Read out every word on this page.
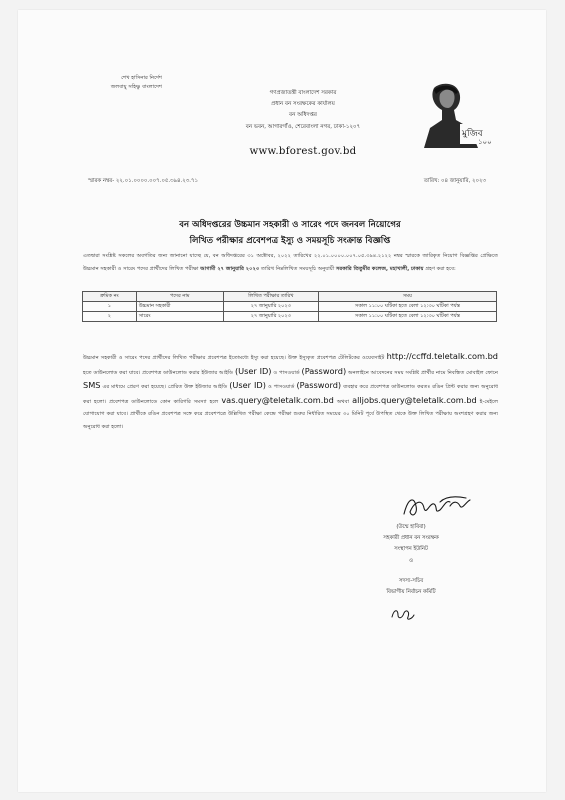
শেখ হাসিনার নির্দেশ
জলবায়ু সহিষ্ণু বাংলাদেশ
গণপ্রজাতন্ত্রী বাংলাদেশ সরকার
প্রধান বন সংরক্ষকের কার্যালয়
বন অধিদপ্তর
বন ভবন, আগারগাঁও, শেরেবাংলা নগর, ঢাকা-১২০৭
www.bforest.gov.bd
মুজিব
১০০
স্মারক নম্বর- ২২.০১.০০০০.০০৭.০৫.৩৯৪.২৩.৭১	তারিখ: ০৪ জানুয়ারি, ২০২৩
বন অধিদপ্তরের উচ্চমান সহকারী ও সারেং পদে জনবল নিয়োগের
লিখিত পরীক্ষার প্রবেশপত্র ইস্যু ও সময়সূচি সংক্রান্ত বিজ্ঞপ্তি
এতদ্বারা সংশ্লিষ্ট সকলের অবগতির জন্য জানানো যাচ্ছে যে, বন অধিদপ্তরের ৩১ অক্টোবর, ২০২২ তারিখের ২২.০১.০০০০.০০৭.০৫.৩৯৪.২১২২ নম্বর স্মারকে জারিকৃত নিয়োগ বিজ্ঞপ্তির প্রেক্ষিতে উচ্চমান সহকারী ও সারেং পদের প্রার্থীদের লিখিত পরীক্ষা আগামী ২৭ জানুয়ারি ২০২৩ তারিখ নিম্নলিখিত সময়সূচি অনুযায়ী সরকারি তিতুমীর কলেজ, মহাখালী, ঢাকায় গ্রহণ করা হবে:
ক্রমিক নং	পদের নাম	লিখিত পরীক্ষার তারিখ	সময়
১	উচ্চমান সহকারী	২৭ জানুয়ারি ২০২৩	সকাল ১১:০০ ঘটিকা হতে বেলা ১২:৩০ ঘটিকা পর্যন্ত
২	সারেং	২৭ জানুয়ারি ২০২৩	সকাল ১১:০০ ঘটিকা হতে বেলা ১২:৩০ ঘটিকা পর্যন্ত
উচ্চমান সহকারী ও সারেং পদের প্রার্থীদের লিখিত পরীক্ষার প্রবেশপত্র ইতোমধ্যে ইস্যু করা হয়েছে। উক্ত ইস্যুকৃত প্রবেশপত্র টেলিটকের ওয়েবসাইট http://ccffd.teletalk.com.bd হতে ডাউনলোড করা যাবে। প্রবেশপত্র ডাউনলোড করার ইউজার আইডি (User ID) ও পাসওয়ার্ড (Password) অনলাইনে আবেদনের সময় সংশ্লিষ্ট প্রার্থীর নামে নিবন্ধিত মোবাইল ফোনে SMS এর মাধ্যমে প্রেরণ করা হয়েছে। প্রেরিত উক্ত ইউজার আইডি (User ID) ও পাসওয়ার্ড (Password) ব্যবহার করে প্রবেশপত্র ডাউনলোড করতঃ রঙিন প্রিন্ট করার জন্য অনুরোধ করা হলো। প্রবেশপত্র ডাউনলোডে কোন কারিগরি সমস্যা হলে vas.query@teletalk.com.bd অথবা alljobs.query@teletalk.com.bd ই-মেইলে যোগাযোগ করা যাবে। প্রার্থীকে রঙিন প্রবেশপত্র সঙ্গে করে প্রবেশপত্রে উল্লিখিত পরীক্ষা কেন্দ্রে পরীক্ষা শুরুর নির্ধারিত সময়ের ৩০ মিনিট পূর্বে উপস্থিত থেকে উক্ত লিখিত পরীক্ষায় অংশগ্রহণ করার জন্য অনুরোধ করা হলো।
(উম্মে হাবিবা)
সহকারী প্রধান বন সংরক্ষক
সংস্থাপন ইউনিট
ও
সদস্য-সচিব
বিভাগীয় নির্বাচন কমিটি
